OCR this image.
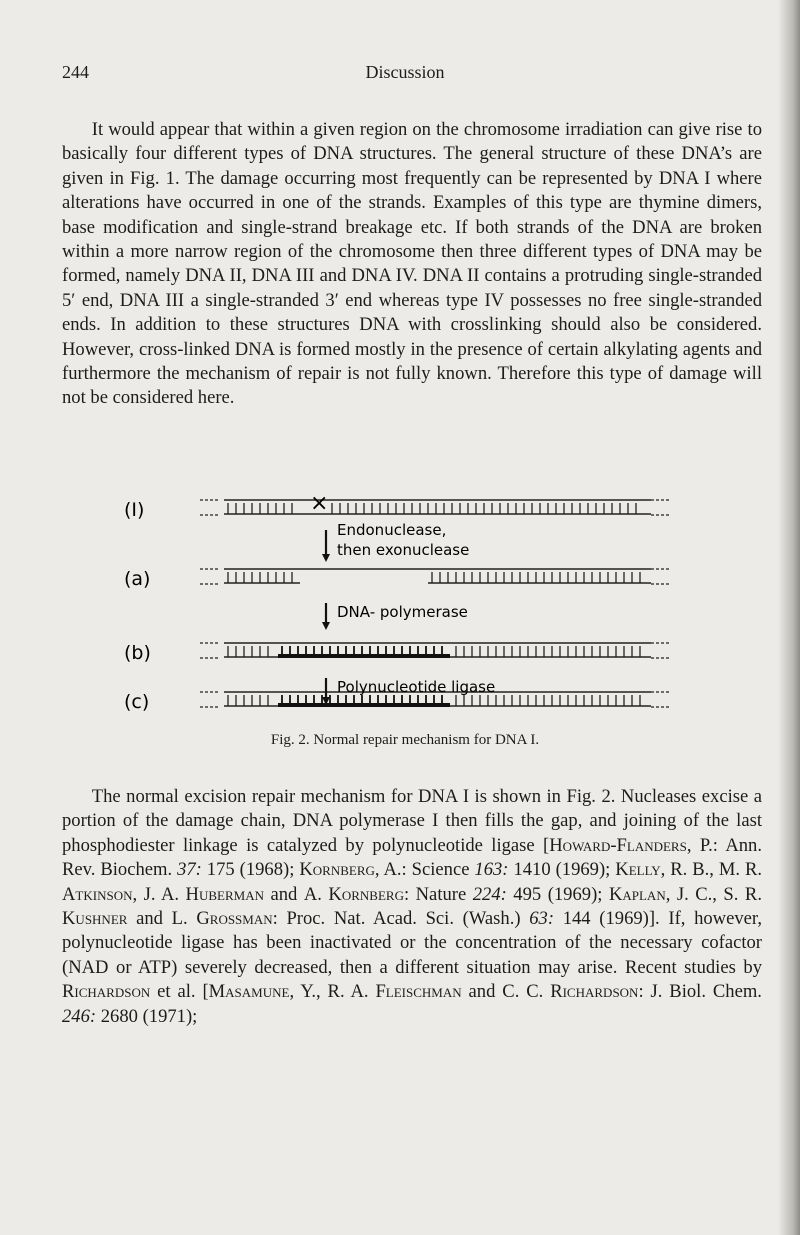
244	Discussion

It would appear that within a given region on the chromosome irradiation can give rise to basically four different types of DNA structures. The general structure of these DNA’s are given in Fig. 1. The damage occurring most frequently can be represented by DNA I where alterations have occurred in one of the strands. Examples of this type are thymine dimers, base modification and single-strand breakage etc. If both strands of the DNA are broken within a more narrow region of the chromosome then three different types of DNA may be formed, namely DNA II, DNA III and DNA IV. DNA II contains a protruding single-stranded 5′ end, DNA III a single-stranded 3′ end whereas type IV possesses no free single-stranded ends. In addition to these structures DNA with crosslinking should also be considered. However, cross-linked DNA is formed mostly in the presence of certain alkylating agents and furthermore the mechanism of repair is not fully known. Therefore this type of damage will not be considered here.

(I)
(a)
(b)
(c)
×
Endonuclease,
then exonuclease
DNA- polymerase
Polynucleotide ligase
Fig. 2. Normal repair mechanism for DNA I.

The normal excision repair mechanism for DNA I is shown in Fig. 2. Nucleases excise a portion of the damage chain, DNA polymerase I then fills the gap, and joining of the last phosphodiester linkage is catalyzed by polynucleotide ligase [Howard-Flanders, P.: Ann. Rev. Biochem. 37: 175 (1968); Kornberg, A.: Science 163: 1410 (1969); Kelly, R. B., M. R. Atkinson, J. A. Huberman and A. Kornberg: Nature 224: 495 (1969); Kaplan, J. C., S. R. Kushner and L. Grossman: Proc. Nat. Acad. Sci. (Wash.) 63: 144 (1969)]. If, however, polynucleotide ligase has been inactivated or the concentration of the necessary cofactor (NAD or ATP) severely decreased, then a different situation may arise. Recent studies by Richardson et al. [Masamune, Y., R. A. Fleischman and C. C. Richardson: J. Biol. Chem. 246: 2680 (1971);
